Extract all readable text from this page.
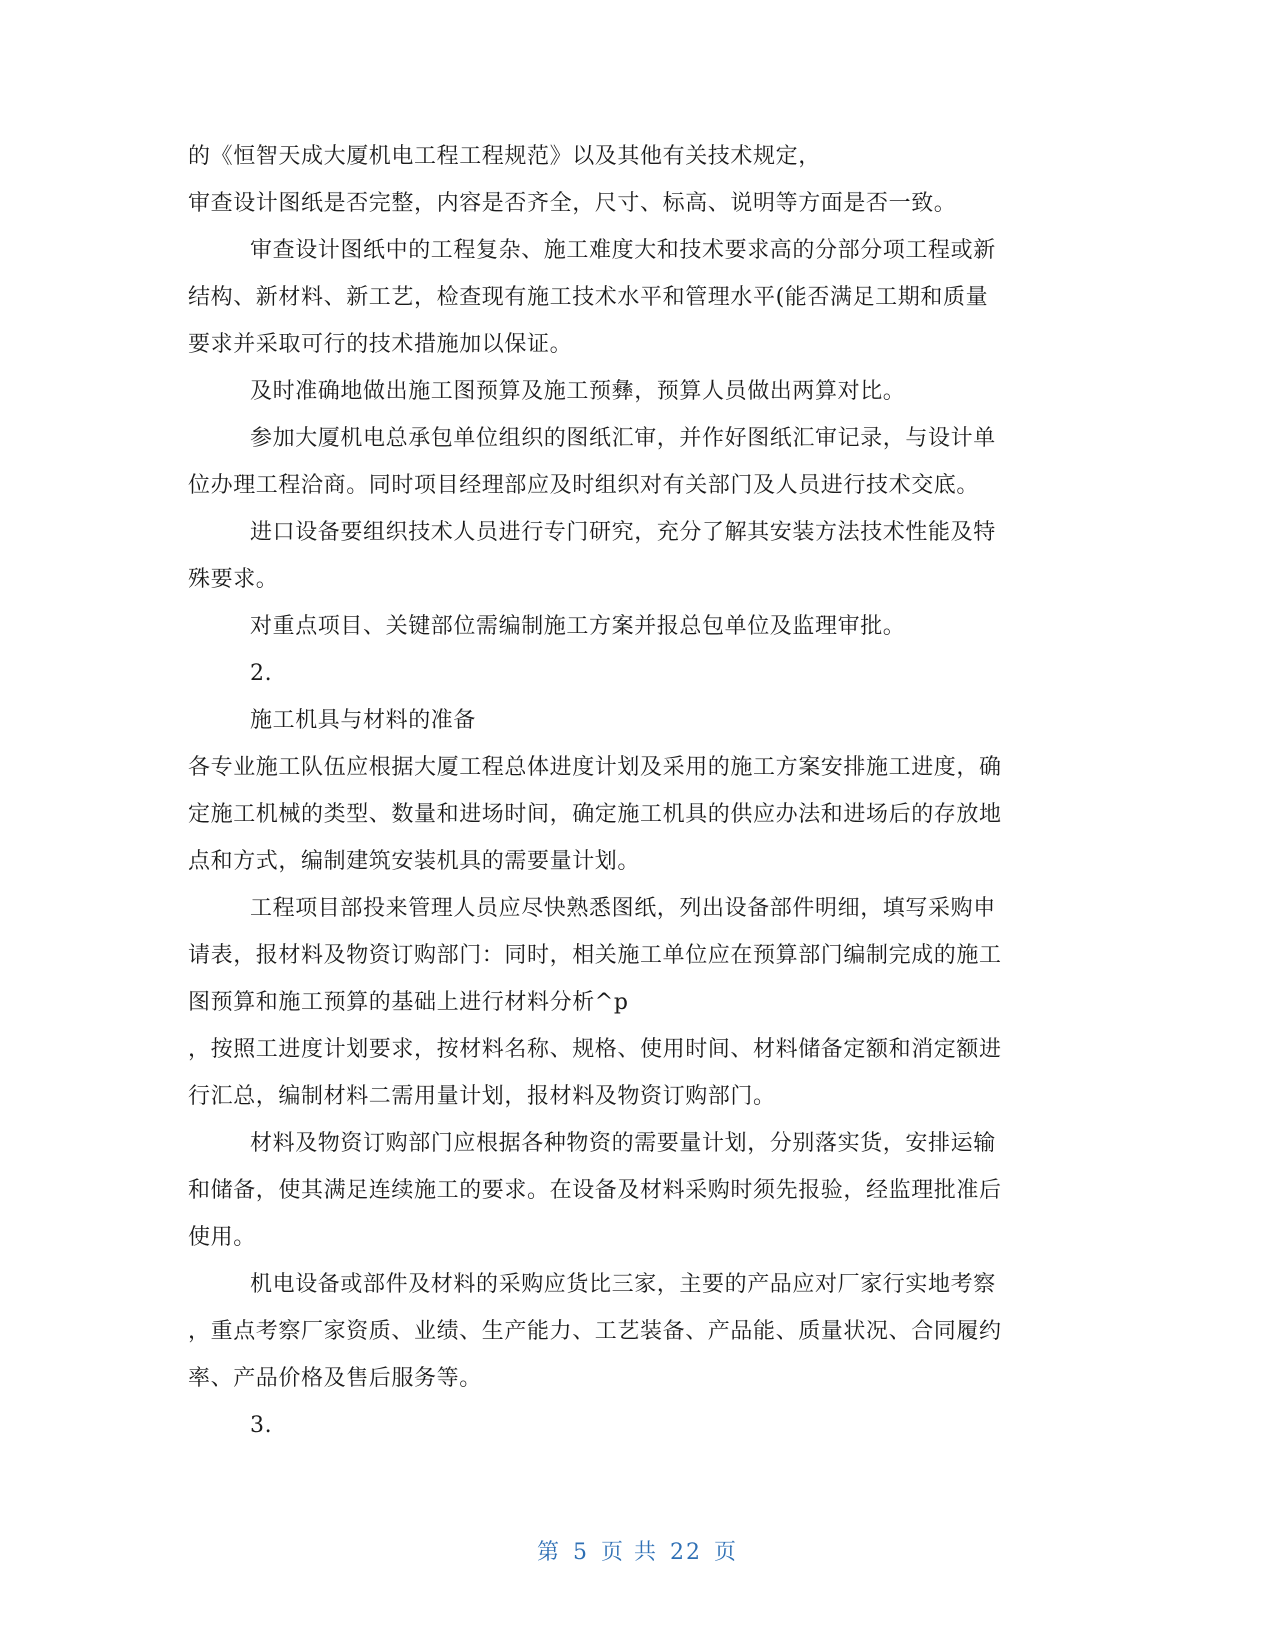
的《恒智天成大厦机电工程工程规范》以及其他有关技术规定，
审查设计图纸是否完整，内容是否齐全，尺寸、标高、说明等方面是否一致。
审查设计图纸中的工程复杂、施工难度大和技术要求高的分部分项工程或新
结构、新材料、新工艺，检查现有施工技术水平和管理水平(能否满足工期和质量
要求并采取可行的技术措施加以保证。
及时准确地做出施工图预算及施工预彝，预算人员做出两算对比。
参加大厦机电总承包单位组织的图纸汇审，并作好图纸汇审记录，与设计单
位办理工程洽商。同时项目经理部应及时组织对有关部门及人员进行技术交底。
进口设备要组织技术人员进行专门研究，充分了解其安装方法技术性能及特
殊要求。
对重点项目、关键部位需编制施工方案并报总包单位及监理审批。
2.
施工机具与材料的准备
各专业施工队伍应根据大厦工程总体进度计划及采用的施工方案安排施工进度，确
定施工机械的类型、数量和进场时间，确定施工机具的供应办法和进场后的存放地
点和方式，编制建筑安装机具的需要量计划。
工程项目部投来管理人员应尽快熟悉图纸，列出设备部件明细，填写采购申
请表，报材料及物资订购部门：同时，相关施工单位应在预算部门编制完成的施工
图预算和施工预算的基础上进行材料分析^p
，按照工进度计划要求，按材料名称、规格、使用时间、材料储备定额和消定额进
行汇总，编制材料二需用量计划，报材料及物资订购部门。
材料及物资订购部门应根据各种物资的需要量计划，分别落实货，安排运输
和储备，使其满足连续施工的要求。在设备及材料采购时须先报验，经监理批准后
使用。
机电设备或部件及材料的采购应货比三家，主要的产品应对厂家行实地考察
，重点考察厂家资质、业绩、生产能力、工艺装备、产品能、质量状况、合同履约
率、产品价格及售后服务等。
3.
第 5 页 共 22 页
